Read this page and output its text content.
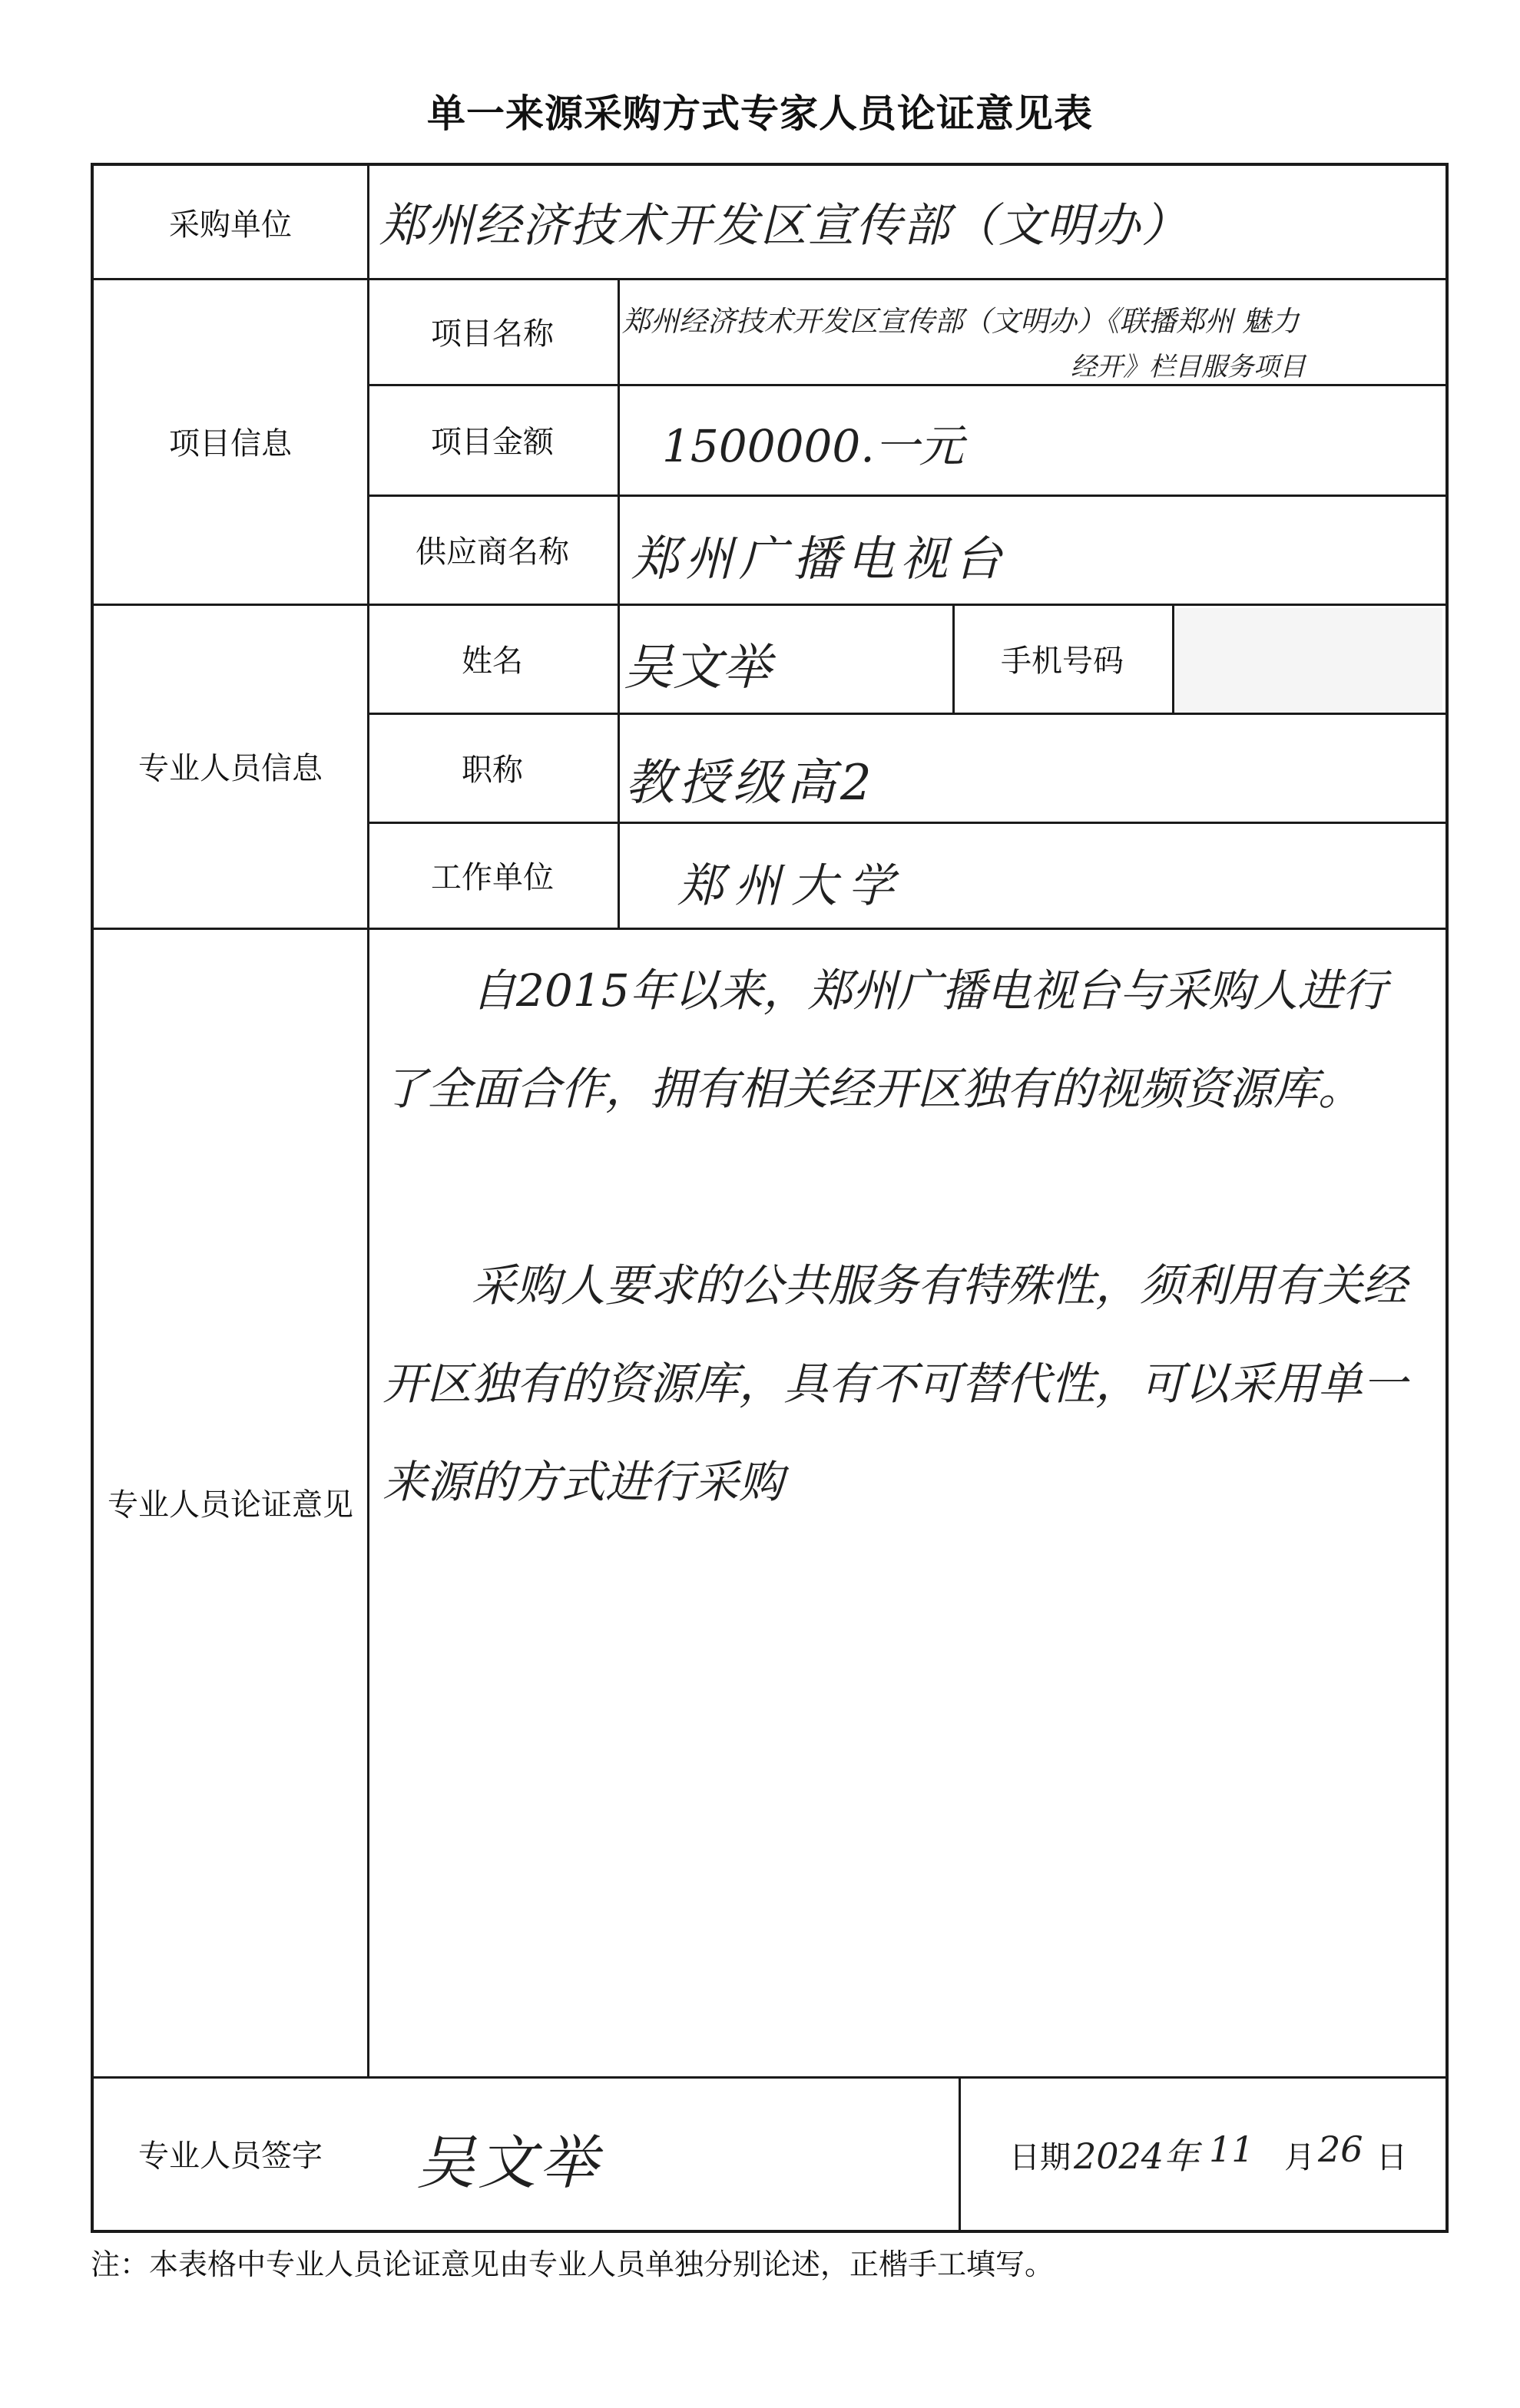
单一来源采购方式专家人员论证意见表
采购单位
项目信息
项目名称
项目金额
供应商名称
专业人员信息
姓名	手机号码
职称
工作单位
专业人员论证意见
专业人员签字
郑州经济技术开发区宣传部（文明办）
郑州经济技术开发区宣传部（文明办）《联播郑州 魅力
经开》栏目服务项目
1500000.一元
郑州广播电视台
吴文举
教授级高2
郑州大学
自2015年以来，郑州广播电视台与采购人进行了全面合作，拥有相关经开区独有的视频资源库。
采购人要求的公共服务有特殊性，须利用有关经开区独有的资源库，具有不可替代性，可以采用单一来源的方式进行采购
吴文举	日期 2024年 11 月 26 日
注：本表格中专业人员论证意见由专业人员单独分别论述，正楷手工填写。
